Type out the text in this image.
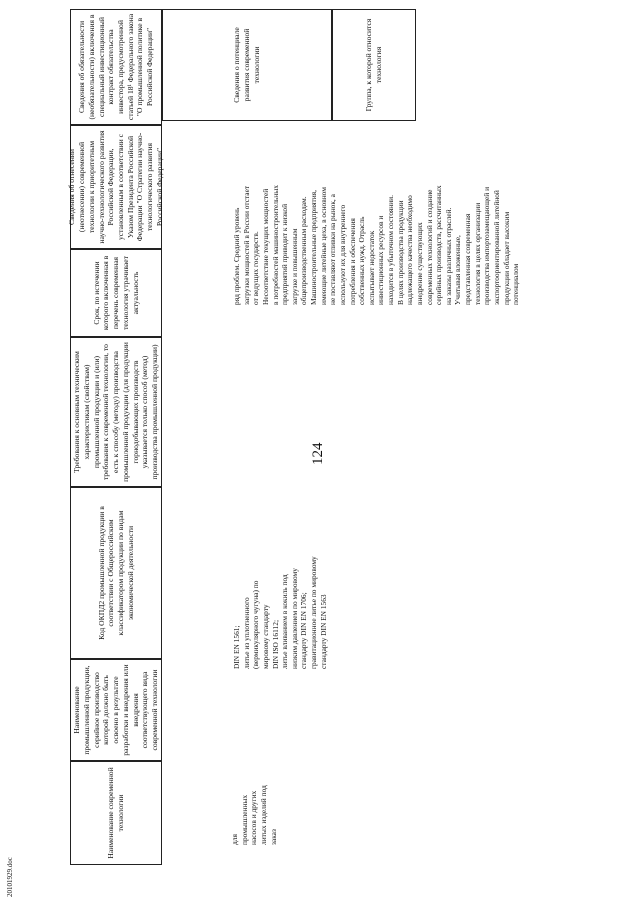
124
20101929.doc
Наименование современной технологии
Наименование промышленной продукции, серийное производство которой должно быть освоено в результате разработки и внедрения или внедрения соответствующего вида современной технологии
Код ОКПД2 промышленной продукции в соответствии с Общероссийским классификатором продукции по видам экономической деятельности
Требования к основным техническим характеристикам (свойствам) промышленной продукции и (или) требования к современной технологии, то есть к способу (методу) производства промышленной продукции (для продукции горнодобывающих производств указывается только способ (метод) производства промышленной продукции)
Срок, по истечении которого включенная в перечень современная технология утрачивает актуальность
Сведения об отнесении (неотнесении) современной технологии к приоритетным научно-технологического развития Российской Федерации, установленным в соответствии с Указом Президента Российской Федерации "О Стратегии научно-технологического развития Российской Федерации"
Сведения об обязательности (необязательности) включения в специальный инвестиционный контракт обязательства инвестора, предусмотренной статьей 18¹ Федерального закона "О промышленной политике в Российской Федерации"	Сведения о потенциале развития современной технологии	Группа, к которой относится технология
для промышленных насосов и других литых изделий под заказ
DIN EN 1561; литье из уплотненного (вермикулярного чугуна) по мировому стандарту DIN ISO 16112; литье вливанием в кокиль под низким давлением по мировому стандарту DIN EN 1706; гравитационное литье по мировому стандарту DIN EN 1563
ряд проблем. Средний уровень загрузки мощностей в России отстает от ведущих государств. Несоответствие текущих мощностей в потребностей машиностроительных предприятий приводит к низкой загрузке и повышенным общепроизводственным расходам. Машиностроительные предприятия, имеющие литейные цеха, в основном не поставляют отливки на рынок, а используют их для внутреннего потребления и обеспечения собственных нужд. Отрасль испытывает недостаток инвестиционных ресурсов и находится в убыточном состоянии. В целях производства продукции надлежащего качества необходимо внедрение существующих современных технологий и создание серийных производств, рассчитанных на заказы различных отраслей. Учитывая вложенные, представленная современная технология в целях организации производства импортозамещающей и экспортоориентированной литейной продукции обладает высоким потенциалом
